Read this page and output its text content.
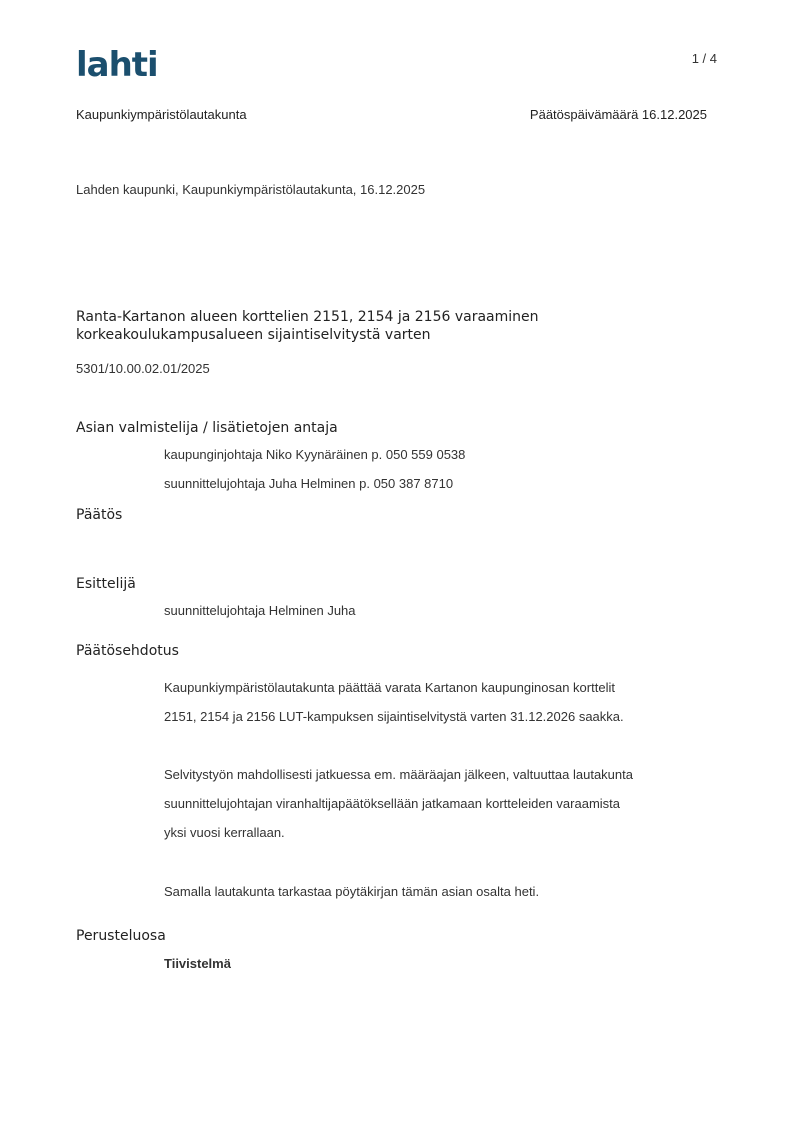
lahti	1 / 4
Kaupunkiympäristölautakunta	Päätöspäivämäärä 16.12.2025
Lahden kaupunki, Kaupunkiympäristölautakunta, 16.12.2025
Ranta-Kartanon alueen korttelien 2151, 2154 ja 2156 varaaminen
korkeakoulukampusalueen sijaintiselvitystä varten
5301/10.00.02.01/2025
Asian valmistelija / lisätietojen antaja
kaupunginjohtaja Niko Kyynäräinen p. 050 559 0538
suunnittelujohtaja Juha Helminen p. 050 387 8710
Päätös
Esittelijä
suunnittelujohtaja Helminen Juha
Päätösehdotus
Kaupunkiympäristölautakunta päättää varata Kartanon kaupunginosan korttelit
2151, 2154 ja 2156 LUT-kampuksen sijaintiselvitystä varten 31.12.2026 saakka.
Selvitystyön mahdollisesti jatkuessa em. määräajan jälkeen, valtuuttaa lautakunta
suunnittelujohtajan viranhaltijapäätöksellään jatkamaan kortteleiden varaamista
yksi vuosi kerrallaan.
Samalla lautakunta tarkastaa pöytäkirjan tämän asian osalta heti.
Perusteluosa
Tiivistelmä
